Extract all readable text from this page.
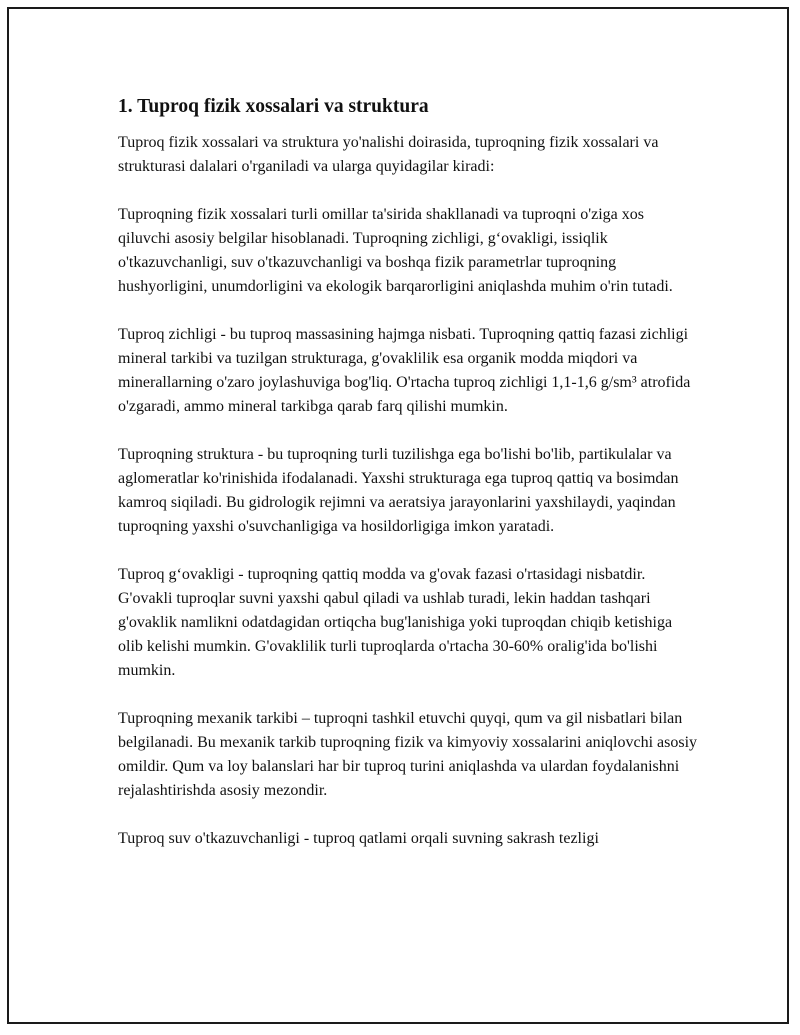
1. Tuproq fizik xossalari va struktura

Tuproq fizik xossalari va struktura yo'nalishi doirasida, tuproqning fizik xossalari va strukturasi dalalari o'rganiladi va ularga quyidagilar kiradi:

Tuproqning fizik xossalari turli omillar ta'sirida shakllanadi va tuproqni o'ziga xos qiluvchi asosiy belgilar hisoblanadi. Tuproqning zichligi, g‘ovakligi, issiqlik o'tkazuvchanligi, suv o'tkazuvchanligi va boshqa fizik parametrlar tuproqning hushyorligini, unumdorligini va ekologik barqarorligini aniqlashda muhim o'rin tutadi.

Tuproq zichligi - bu tuproq massasining hajmga nisbati. Tuproqning qattiq fazasi zichligi mineral tarkibi va tuzilgan strukturaga, g'ovaklilik esa organik modda miqdori va minerallarning o'zaro joylashuviga bog'liq. O'rtacha tuproq zichligi 1,1-1,6 g/sm³ atrofida o'zgaradi, ammo mineral tarkibga qarab farq qilishi mumkin.

Tuproqning struktura - bu tuproqning turli tuzilishga ega bo'lishi bo'lib, partikulalar va aglomeratlar ko'rinishida ifodalanadi. Yaxshi strukturaga ega tuproq qattiq va bosimdan kamroq siqiladi. Bu gidrologik rejimni va aeratsiya jarayonlarini yaxshilaydi, yaqindan tuproqning yaxshi o'suvchanligiga va hosildorligiga imkon yaratadi.

Tuproq g‘ovakligi - tuproqning qattiq modda va g'ovak fazasi o'rtasidagi nisbatdir. G'ovakli tuproqlar suvni yaxshi qabul qiladi va ushlab turadi, lekin haddan tashqari g'ovaklik namlikni odatdagidan ortiqcha bug'lanishiga yoki tuproqdan chiqib ketishiga olib kelishi mumkin. G'ovaklilik turli tuproqlarda o'rtacha 30-60% oralig'ida bo'lishi mumkin.

Tuproqning mexanik tarkibi – tuproqni tashkil etuvchi quyqi, qum va gil nisbatlari bilan belgilanadi. Bu mexanik tarkib tuproqning fizik va kimyoviy xossalarini aniqlovchi asosiy omildir. Qum va loy balanslari har bir tuproq turini aniqlashda va ulardan foydalanishni rejalashtirishda asosiy mezondir.

Tuproq suv o'tkazuvchanligi - tuproq qatlami orqali suvning sakrash tezligi
